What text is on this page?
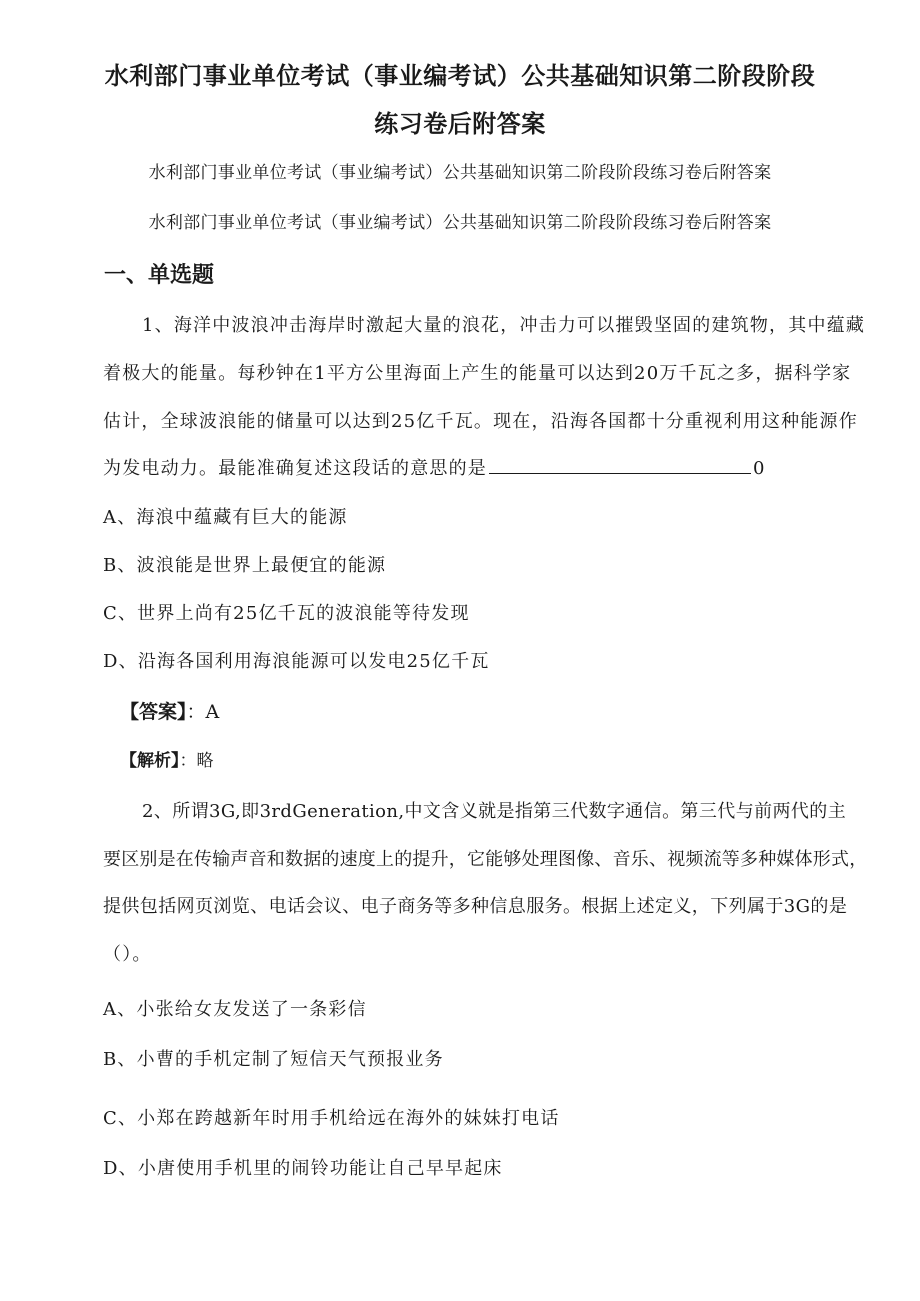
水利部门事业单位考试（事业编考试）公共基础知识第二阶段阶段
练习卷后附答案
水利部门事业单位考试（事业编考试）公共基础知识第二阶段阶段练习卷后附答案
水利部门事业单位考试（事业编考试）公共基础知识第二阶段阶段练习卷后附答案
一、单选题
1、海洋中波浪冲击海岸时激起大量的浪花，冲击力可以摧毁坚固的建筑物，其中蕴藏
着极大的能量。每秒钟在1平方公里海面上产生的能量可以达到20万千瓦之多，据科学家
估计，全球波浪能的储量可以达到25亿千瓦。现在，沿海各国都十分重视利用这种能源作
为发电动力。最能准确复述这段话的意思的是	0
A、海浪中蕴藏有巨大的能源
B、波浪能是世界上最便宜的能源
C、世界上尚有25亿千瓦的波浪能等待发现
D、沿海各国利用海浪能源可以发电25亿千瓦
【答案】：A
【解析】：略
2、所谓3G,即3rdGeneration,中文含义就是指第三代数字通信。第三代与前两代的主
要区别是在传输声音和数据的速度上的提升，它能够处理图像、音乐、视频流等多种媒体形式，
提供包括网页浏览、电话会议、电子商务等多种信息服务。根据上述定义，下列属于3G的是
（）。
A、小张给女友发送了一条彩信
B、小曹的手机定制了短信天气预报业务
C、小郑在跨越新年时用手机给远在海外的妹妹打电话
D、小唐使用手机里的闹铃功能让自己早早起床
